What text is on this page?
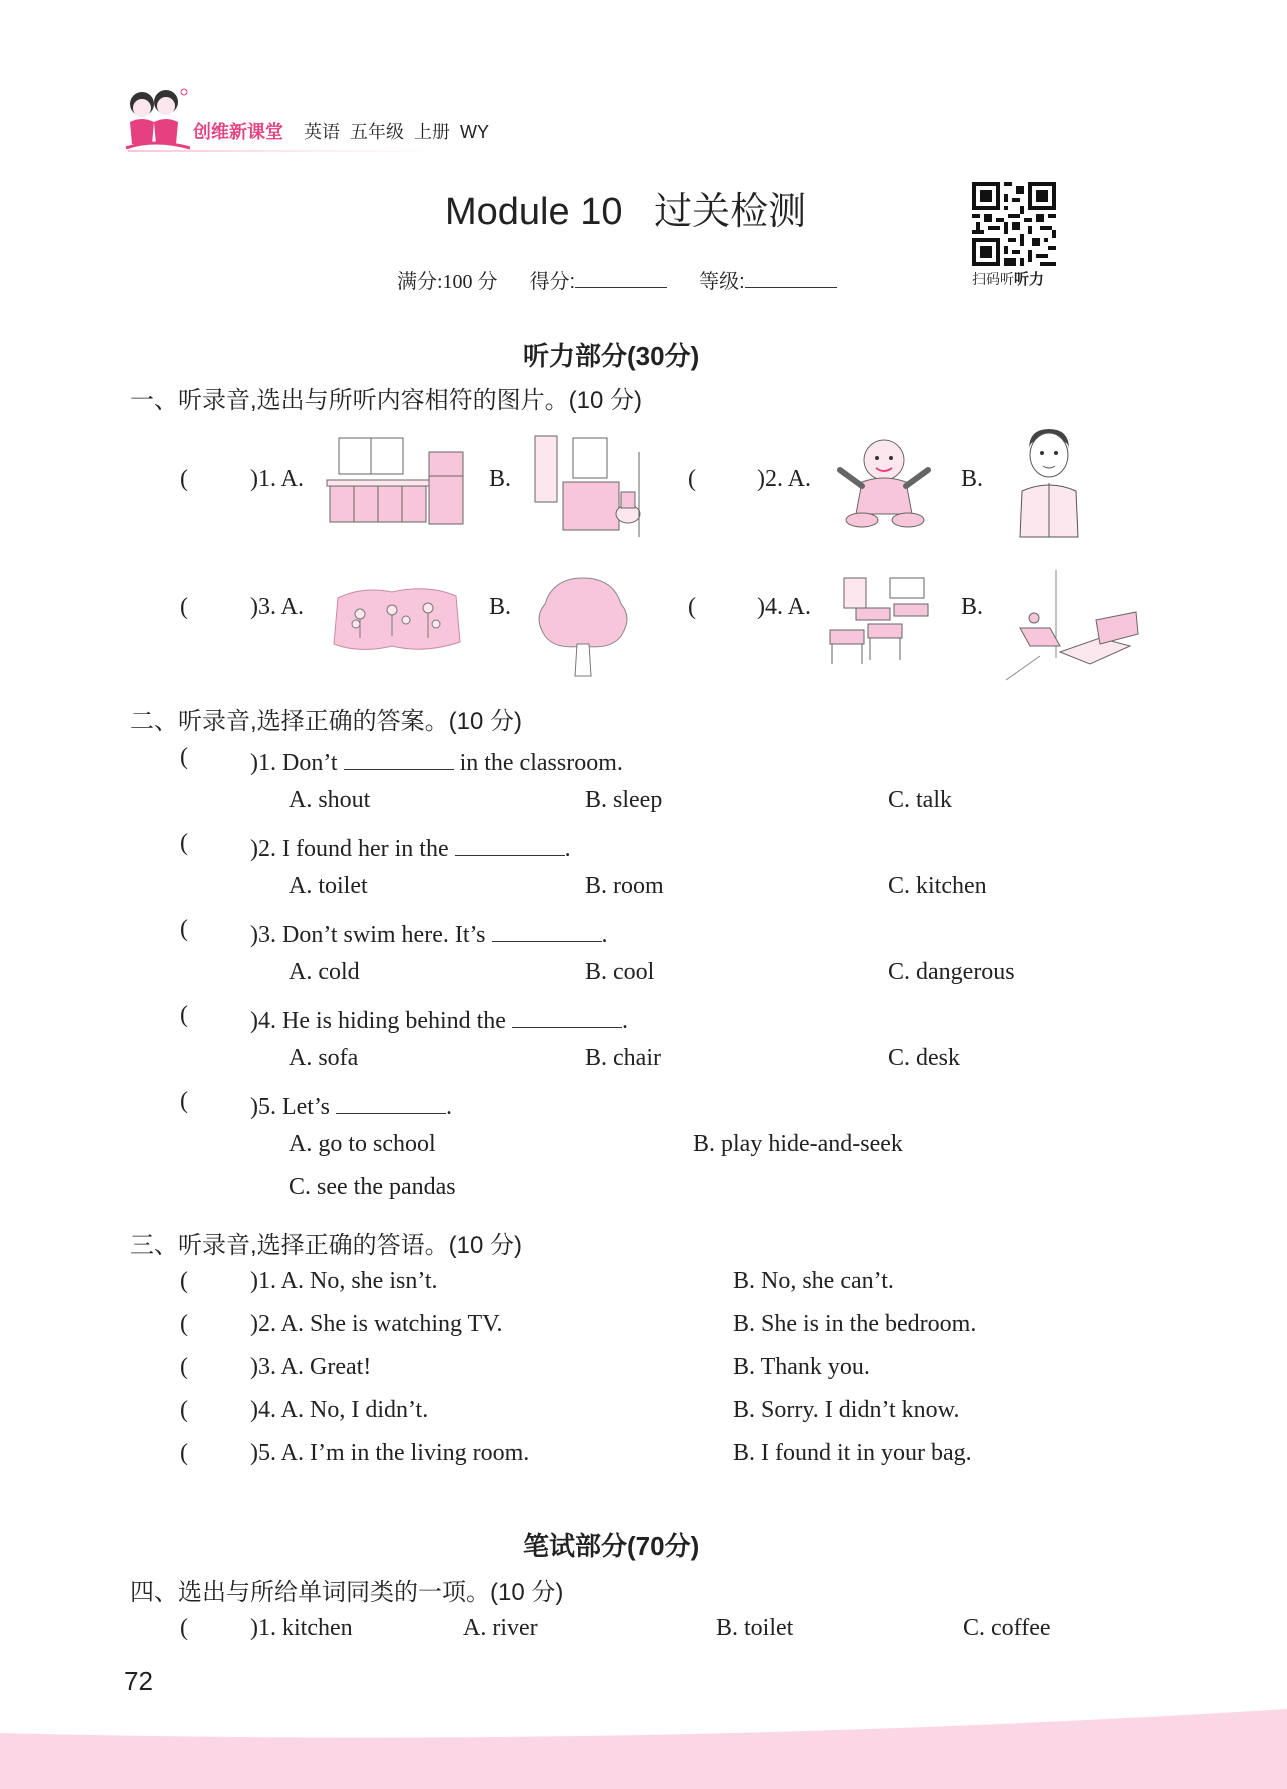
创维新课堂 英语  五年级  上册  WY
Module 10   过关检测
扫码听听力
满分:100 分 得分:	等级:
听力部分(30分)
一、听录音,选出与所听内容相符的图片。(10 分)
(	)1. A.	B.	(	)2. A.	B.
(	)3. A.	B.	(	)4. A.	B.
二、听录音,选择正确的答案。(10 分)
(	)1. Don’t	in the classroom.
A. shout	B. sleep	C. talk
(	)2. I found her in the	.
A. toilet	B. room	C. kitchen
(	)3. Don’t swim here. It’s	.
A. cold	B. cool	C. dangerous
(	)4. He is hiding behind the	.
A. sofa	B. chair	C. desk
(	)5. Let’s	.
A. go to school	B. play hide-and-seek
C. see the pandas
三、听录音,选择正确的答语。(10 分)
(	)1. A. No, she isn’t.	B. No, she can’t.
(	)2. A. She is watching TV.	B. She is in the bedroom.
(	)3. A. Great!	B. Thank you.
(	)4. A. No, I didn’t.	B. Sorry. I didn’t know.
(	)5. A. I’m in the living room.	B. I found it in your bag.
笔试部分(70分)
四、选出与所给单词同类的一项。(10 分)
(	)1. kitchen	A. river	B. toilet	C. coffee
72
